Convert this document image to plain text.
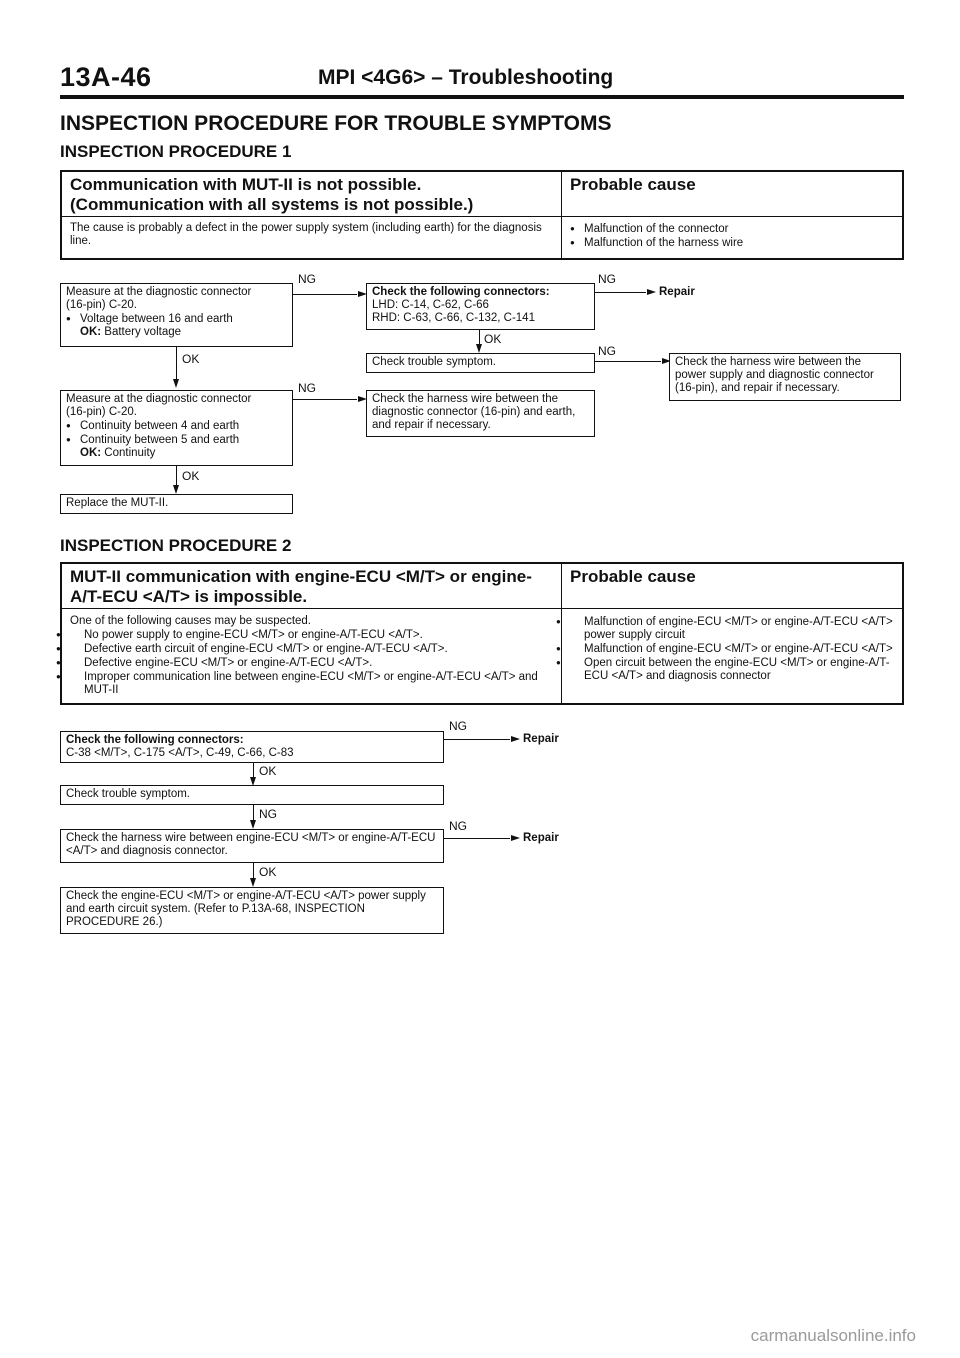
13A-46	MPI <4G6> – Troubleshooting
INSPECTION PROCEDURE FOR TROUBLE SYMPTOMS
INSPECTION PROCEDURE 1
Communication with MUT-II is not possible. (Communication with all systems is not possible.)
Probable cause
The cause is probably a defect in the power supply system (including earth) for the diagnosis line.
● Malfunction of the connector
● Malfunction of the harness wire
Measure at the diagnostic connector
(16-pin) C-20.
● Voltage between 16 and earth
OK: Battery voltage
NG
Check the following connectors:
LHD: C-14, C-62, C-66
RHD: C-63, C-66, C-132, C-141
NG
Repair
OK
Check trouble symptom.
NG
Check the harness wire between the power supply and diagnostic connector (16-pin), and repair if necessary.
OK
Measure at the diagnostic connector
(16-pin) C-20.
● Continuity between 4 and earth
● Continuity between 5 and earth
OK: Continuity
NG
Check the harness wire between the diagnostic connector (16-pin) and earth, and repair if necessary.
OK
Replace the MUT-II.
INSPECTION PROCEDURE 2
MUT-II communication with engine-ECU <M/T> or engine-A/T-ECU <A/T> is impossible.
Probable cause
One of the following causes may be suspected.
● No power supply to engine-ECU <M/T> or engine-A/T-ECU <A/T>.
● Defective earth circuit of engine-ECU <M/T> or engine-A/T-ECU <A/T>.
● Defective engine-ECU <M/T> or engine-A/T-ECU <A/T>.
● Improper communication line between engine-ECU <M/T> or engine-A/T-ECU <A/T> and MUT-II
● Malfunction of engine-ECU <M/T> or engine-A/T-ECU <A/T> power supply circuit
● Malfunction of engine-ECU <M/T> or engine-A/T-ECU <A/T>
● Open circuit between the engine-ECU <M/T> or engine-A/T-ECU <A/T> and diagnosis connector
Check the following connectors:
C-38 <M/T>, C-175 <A/T>, C-49, C-66, C-83
NG
Repair
OK
Check trouble symptom.
NG
Check the harness wire between engine-ECU <M/T> or engine-A/T-ECU <A/T> and diagnosis connector.
NG
Repair
OK
Check the engine-ECU <M/T> or engine-A/T-ECU <A/T> power supply and earth circuit system. (Refer to P.13A-68, INSPECTION PROCEDURE 26.)
carmanualsonline.info
